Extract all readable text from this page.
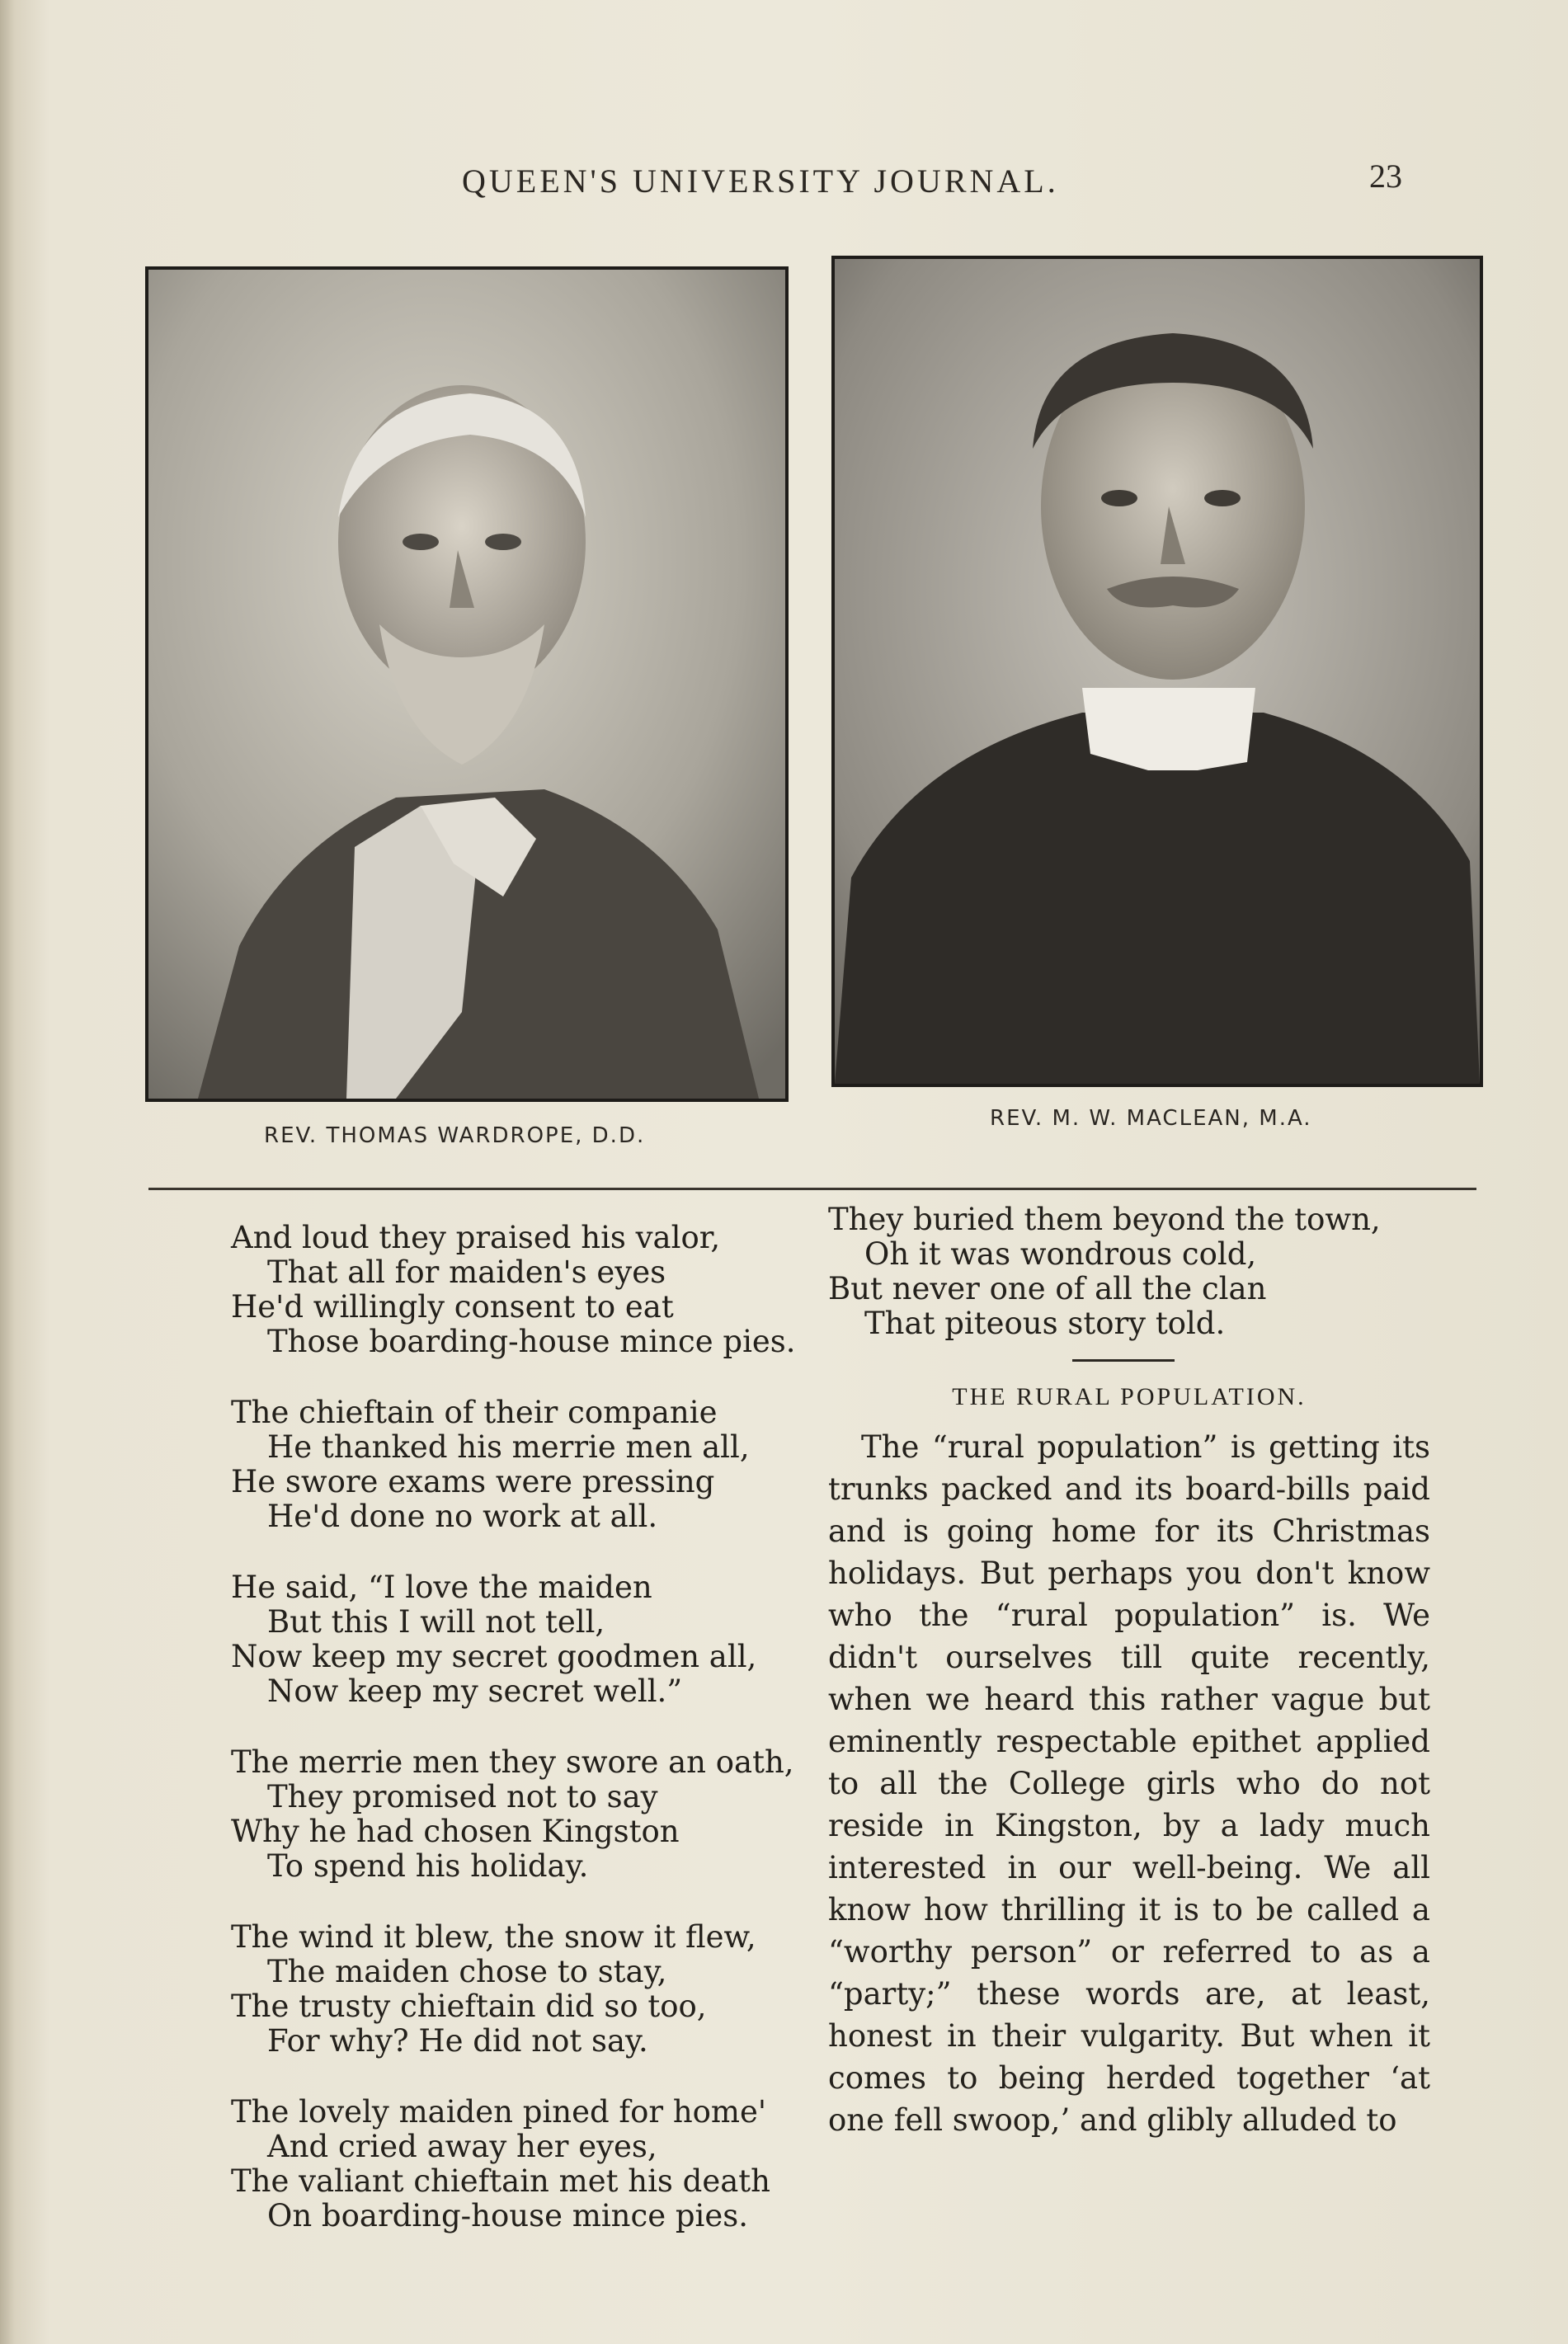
QUEEN'S UNIVERSITY JOURNAL.	23
REV. THOMAS WARDROPE, D.D.
REV. M. W. MACLEAN, M.A.
And loud they praised his valor,
That all for maiden's eyes
He'd willingly consent to eat
Those boarding-house mince pies.
The chieftain of their companie
He thanked his merrie men all,
He swore exams were pressing
He'd done no work at all.
He said, “I love the maiden
But this I will not tell,
Now keep my secret goodmen all,
Now keep my secret well.”
The merrie men they swore an oath,
They promised not to say
Why he had chosen Kingston
To spend his holiday.
The wind it blew, the snow it flew,
The maiden chose to stay,
The trusty chieftain did so too,
For why? He did not say.
The lovely maiden pined for home'
And cried away her eyes,
The valiant chieftain met his death
On boarding-house mince pies.
They buried them beyond the town,
Oh it was wondrous cold,
But never one of all the clan
That piteous story told.
THE RURAL POPULATION.
The “rural population” is getting its trunks packed and its board-bills paid and is going home for its Christmas holidays. But perhaps you don't know who the “rural population” is. We didn't ourselves till quite recently, when we heard this rather vague but eminently respectable epithet applied to all the College girls who do not reside in Kingston, by a lady much interested in our well-being. We all know how thrilling it is to be called a “worthy person” or referred to as a “party;” these words are, at least, honest in their vulgarity. But when it comes to being herded together ‘at one fell swoop,’ and glibly alluded to
